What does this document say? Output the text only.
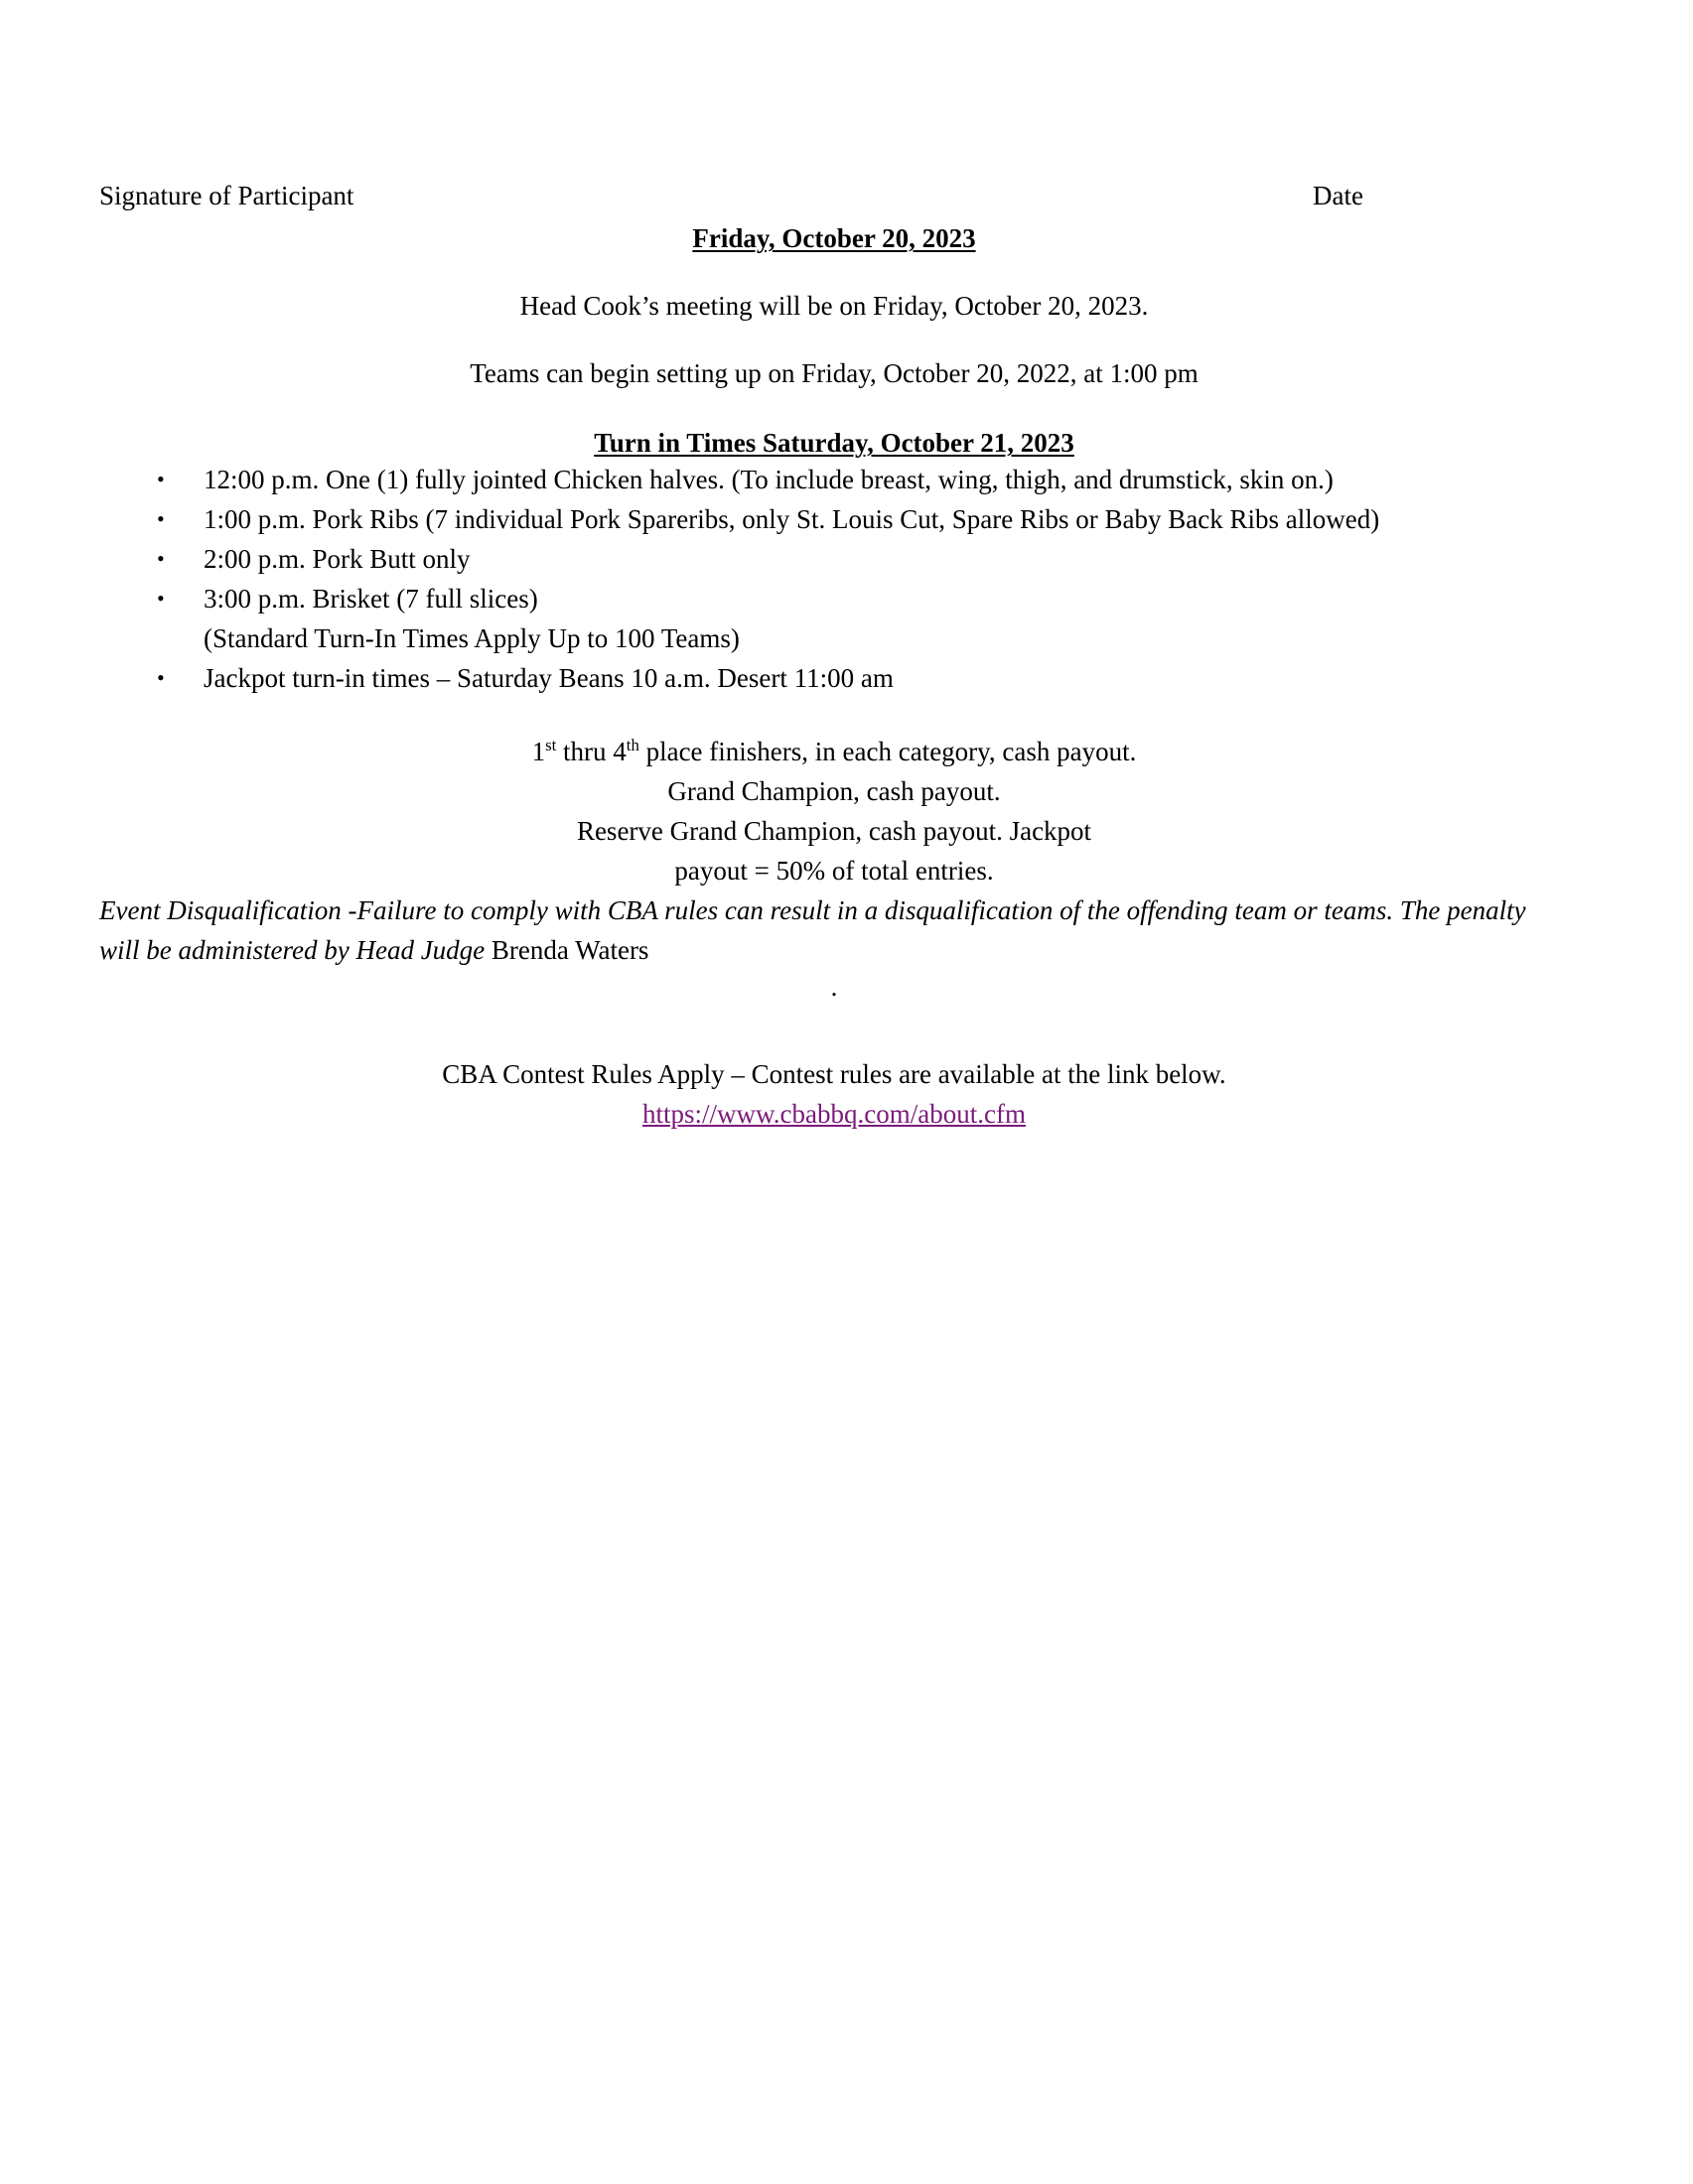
Signature of Participant	Date
Friday, October 20, 2023
Head Cook’s meeting will be on Friday, October 20, 2023.
Teams can begin setting up on Friday, October 20, 2022, at 1:00 pm
Turn in Times Saturday, October 21, 2023
• 12:00 p.m. One (1) fully jointed Chicken halves. (To include breast, wing, thigh, and drumstick, skin on.)
• 1:00 p.m. Pork Ribs (7 individual Pork Spareribs, only St. Louis Cut, Spare Ribs or Baby Back Ribs allowed)
• 2:00 p.m. Pork Butt only
• 3:00 p.m. Brisket (7 full slices)
(Standard Turn-In Times Apply Up to 100 Teams)
• Jackpot turn-in times – Saturday Beans 10 a.m. Desert 11:00 am
1st thru 4th place finishers, in each category, cash payout.
Grand Champion, cash payout.
Reserve Grand Champion, cash payout. Jackpot
payout = 50% of total entries.
Event Disqualification -Failure to comply with CBA rules can result in a disqualification of the offending team or teams. The penalty will be administered by Head Judge Brenda Waters
.
CBA Contest Rules Apply – Contest rules are available at the link below.
https://www.cbabbq.com/about.cfm
